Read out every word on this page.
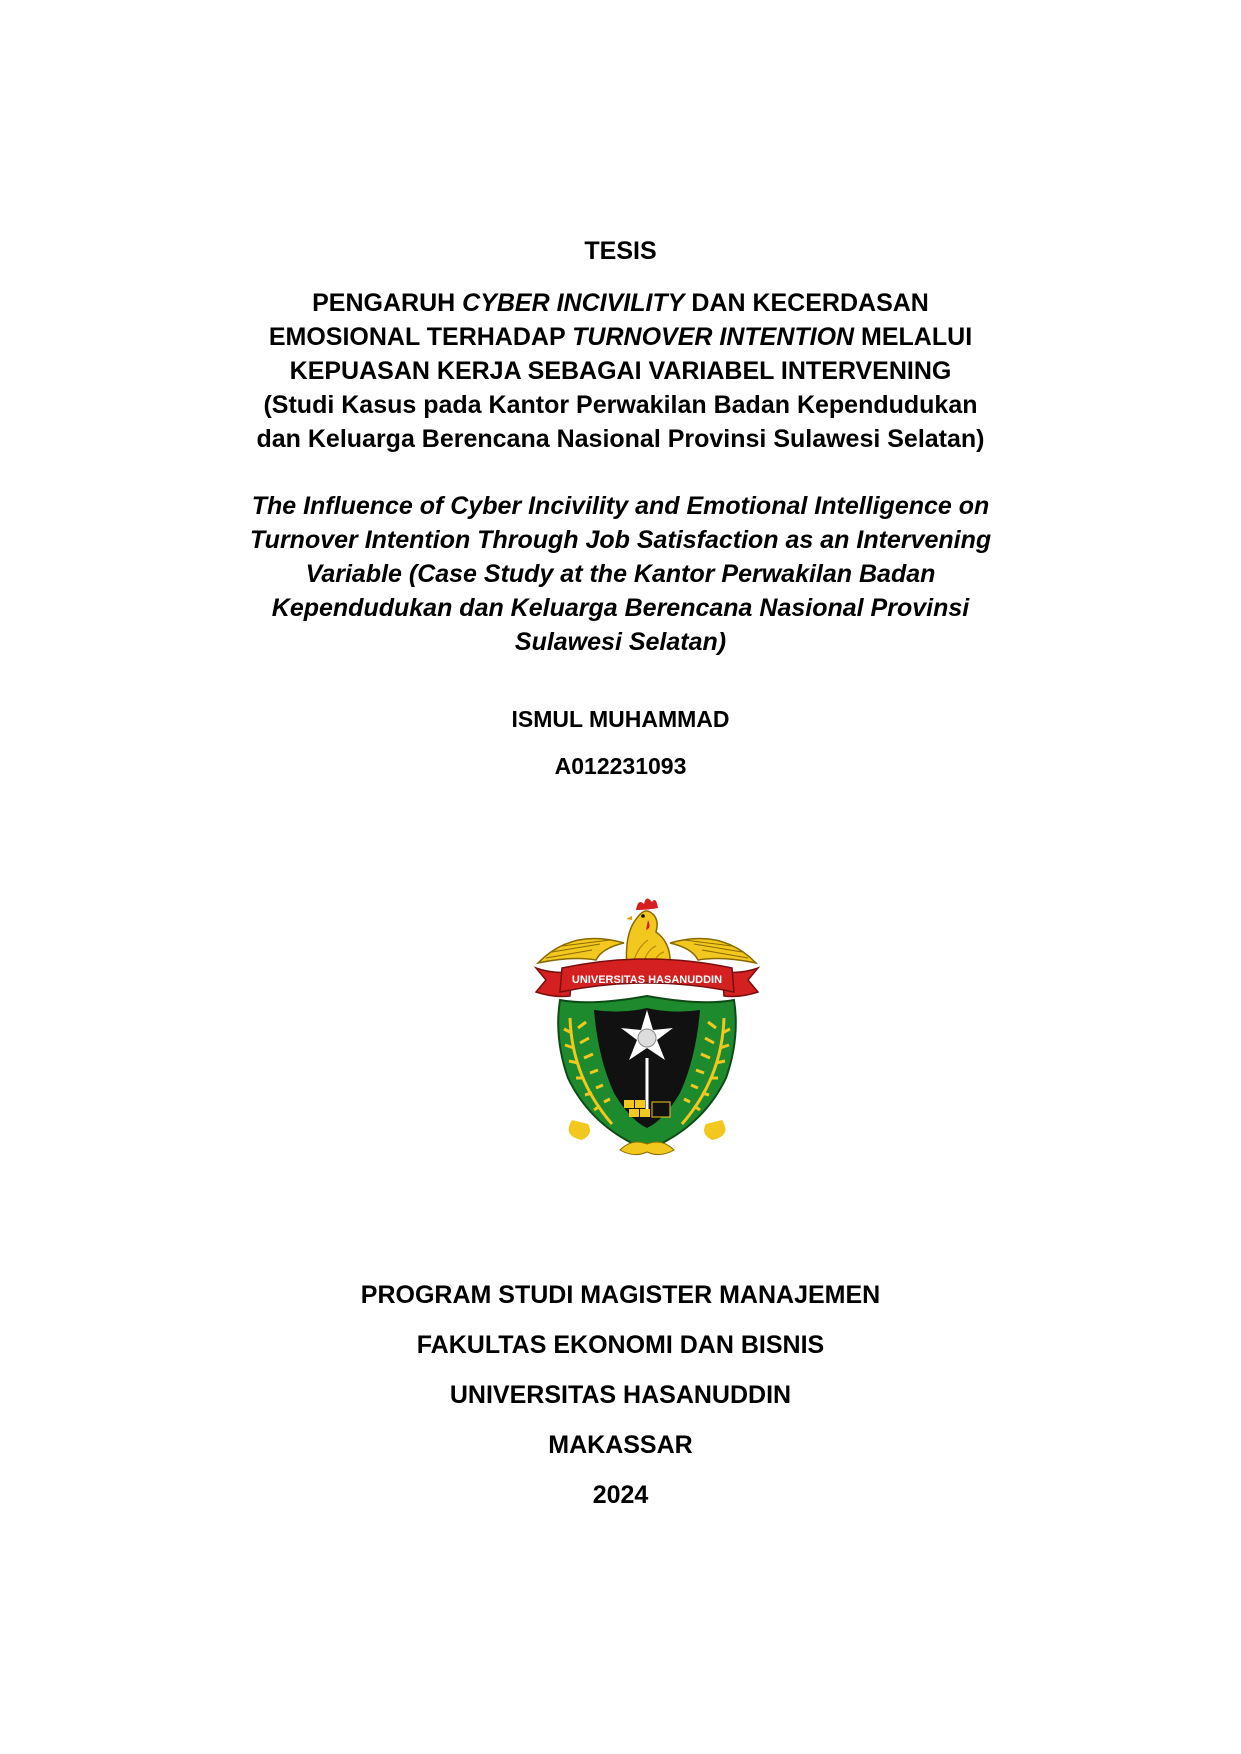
TESIS
PENGARUH CYBER INCIVILITY DAN KECERDASAN
EMOSIONAL TERHADAP TURNOVER INTENTION MELALUI
KEPUASAN KERJA SEBAGAI VARIABEL INTERVENING
(Studi Kasus pada Kantor Perwakilan Badan Kependudukan
dan Keluarga Berencana Nasional Provinsi Sulawesi Selatan)
The Influence of Cyber Incivility and Emotional Intelligence on
Turnover Intention Through Job Satisfaction as an Intervening
Variable (Case Study at the Kantor Perwakilan Badan
Kependudukan dan Keluarga Berencana Nasional Provinsi
Sulawesi Selatan)
ISMUL MUHAMMAD
A012231093
UNIVERSITAS HASANUDDIN
PROGRAM STUDI MAGISTER MANAJEMEN
FAKULTAS EKONOMI DAN BISNIS
UNIVERSITAS HASANUDDIN
MAKASSAR
2024
